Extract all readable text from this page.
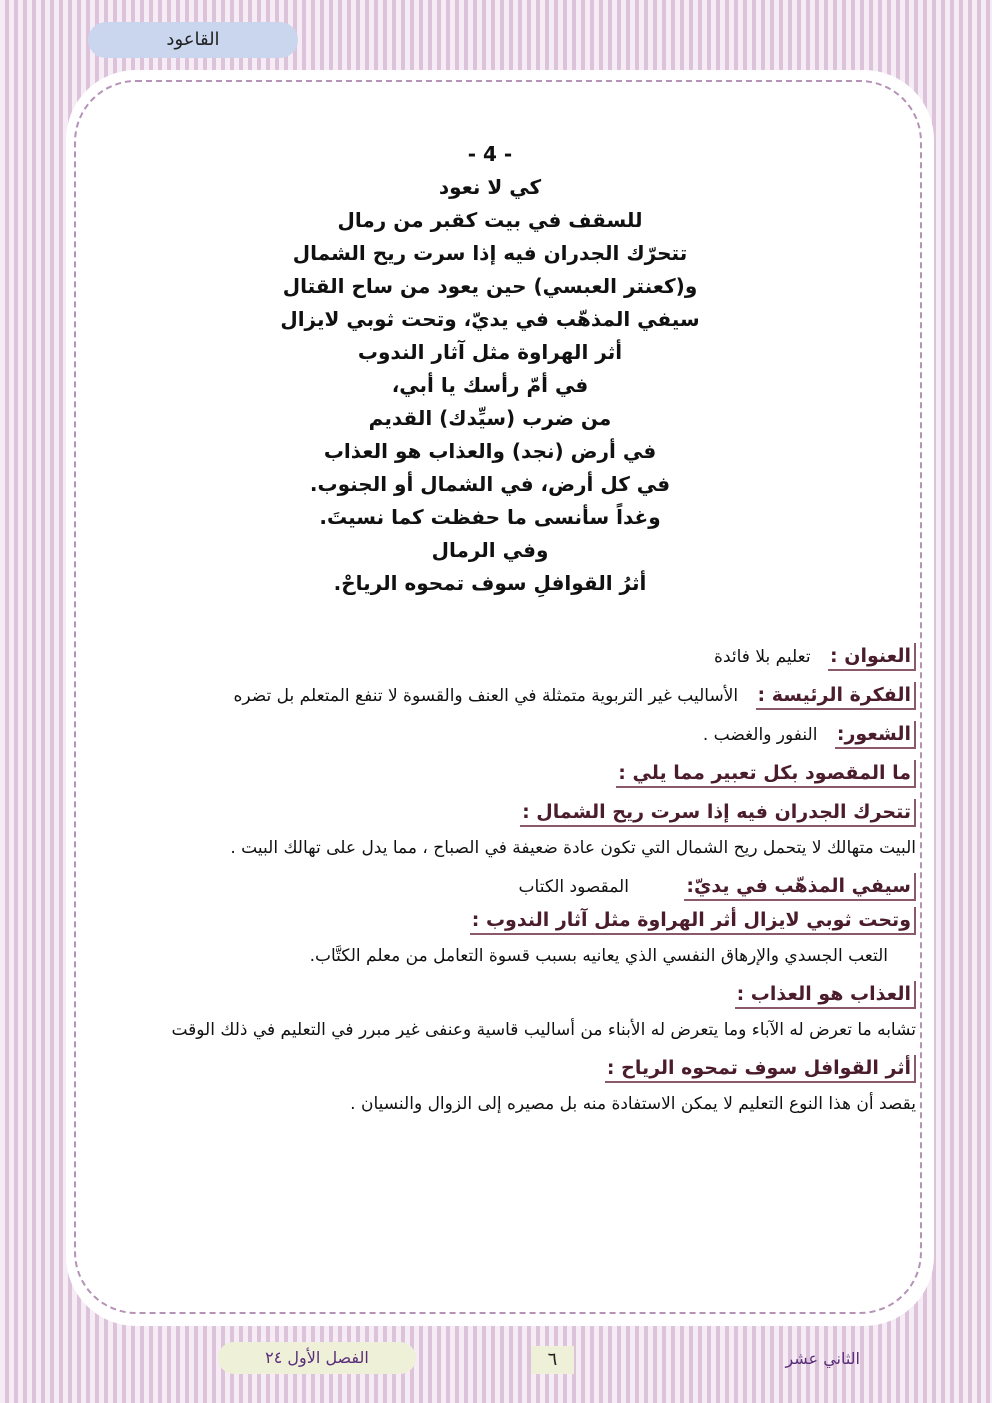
القاعود
- 4 -
كي لا نعود
للسقف في بيت كقبر من رمال
تتحرّك الجدران فيه إذا سرت ريح الشمال
و(كعنتر العبسي) حين يعود من ساح القتال
سيفي المذهّب في يديّ، وتحت ثوبي لايزال
أثر الهراوة مثل آثار الندوب
في أمّ رأسك يا أبي،
من ضرب (سيِّدك) القديم
في أرض (نجد) والعذاب هو العذاب
في كل أرض، في الشمال أو الجنوب.
وغداً سأنسى ما حفظت كما نسيتَ.
وفي الرمال
أثرُ القوافلِ سوف تمحوه الرياحْ.
العنوان : تعليم بلا فائدة
الفكرة الرئيسة : الأساليب غير التربوية متمثلة في العنف والقسوة لا تنفع المتعلم بل تضره
الشعور: النفور والغضب .
ما المقصود بكل تعبير مما يلي :
تتحرك الجدران فيه إذا سرت ريح الشمال :
البيت متهالك لا يتحمل ريح الشمال التي تكون عادة ضعيفة في الصباح ، مما يدل على تهالك البيت .
سيفي المذهّب في يديّ: المقصود الكتاب
وتحت ثوبي لايزال أثر الهراوة مثل آثار الندوب :
التعب الجسدي والإرهاق النفسي الذي يعانيه بسبب قسوة التعامل من معلم الكتَّاب.
العذاب هو العذاب :
تشابه ما تعرض له الآباء وما يتعرض له الأبناء من أساليب قاسية وعنفى غير مبرر في التعليم في ذلك الوقت
أثر القوافل سوف تمحوه الرياح :
يقصد أن هذا النوع التعليم لا يمكن الاستفادة منه بل مصيره إلى الزوال والنسيان .
الفصل الأول ٢٤	٦	الثاني عشر
